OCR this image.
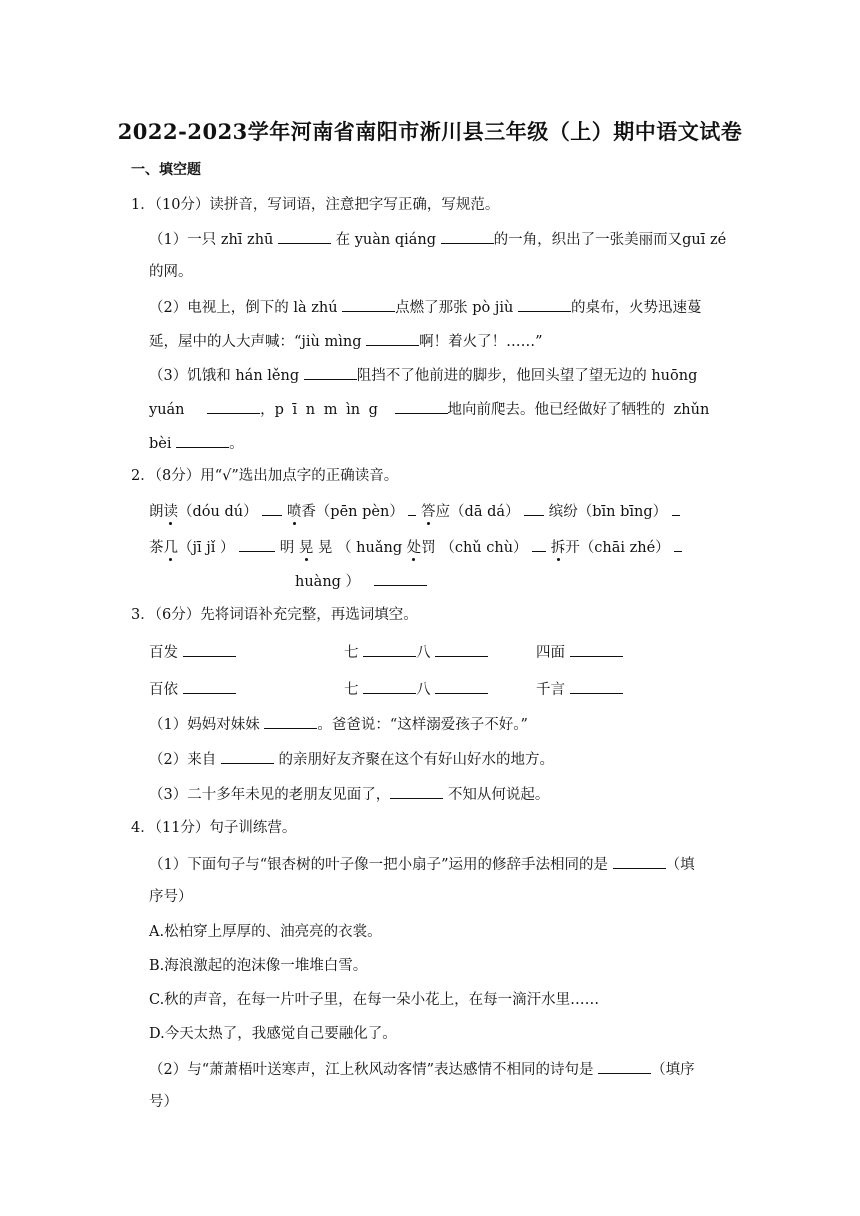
2022-2023学年河南省南阳市淅川县三年级（上）期中语文试卷
一、填空题
1．（10分）读拼音，写词语，注意把字写正确，写规范。
（1）一只 zhī zhū	在 yuàn qiáng	的一角，织出了一张美丽而又guī zé
的网。
（2）电视上，倒下的 là zhú	点燃了那张 pò jiù	的桌布，火势迅速蔓
延，屋中的人大声喊：“jiù mìng	啊！着火了！……”
（3）饥饿和 hán lěng	阻挡不了他前进的脚步，他回头望了望无边的 huōng
yuán	，p ī n m ìn g	地向前爬去。他已经做好了牺牲的 zhǔn
bèi	。
2．（8分）用“√”选出加点字的正确读音。
朗读（dóu dú） 喷香（pēn pèn） 答应（dā dá） 缤纷（bīn bīng）
茶几（jī jǐ ）	明 晃 晃 （ huǎng 处罚 （chǔ chù） 拆开（chāi zhé）
huàng ）
3．（6分）先将词语补充完整，再选词填空。
百发	七	八	四面
百依	七	八	千言
（1）妈妈对妹妹	。爸爸说：“这样溺爱孩子不好。”
（2）来自	的亲朋好友齐聚在这个有好山好水的地方。
（3）二十多年未见的老朋友见面了，	不知从何说起。
4．（11分）句子训练营。
（1）下面句子与“银杏树的叶子像一把小扇子”运用的修辞手法相同的是	（填
序号）
A.松柏穿上厚厚的、油亮亮的衣裳。
B.海浪激起的泡沫像一堆堆白雪。
C.秋的声音，在每一片叶子里，在每一朵小花上，在每一滴汗水里……
D.今天太热了，我感觉自己要融化了。
（2）与“萧萧梧叶送寒声，江上秋风动客情”表达感情不相同的诗句是	（填序
号）
